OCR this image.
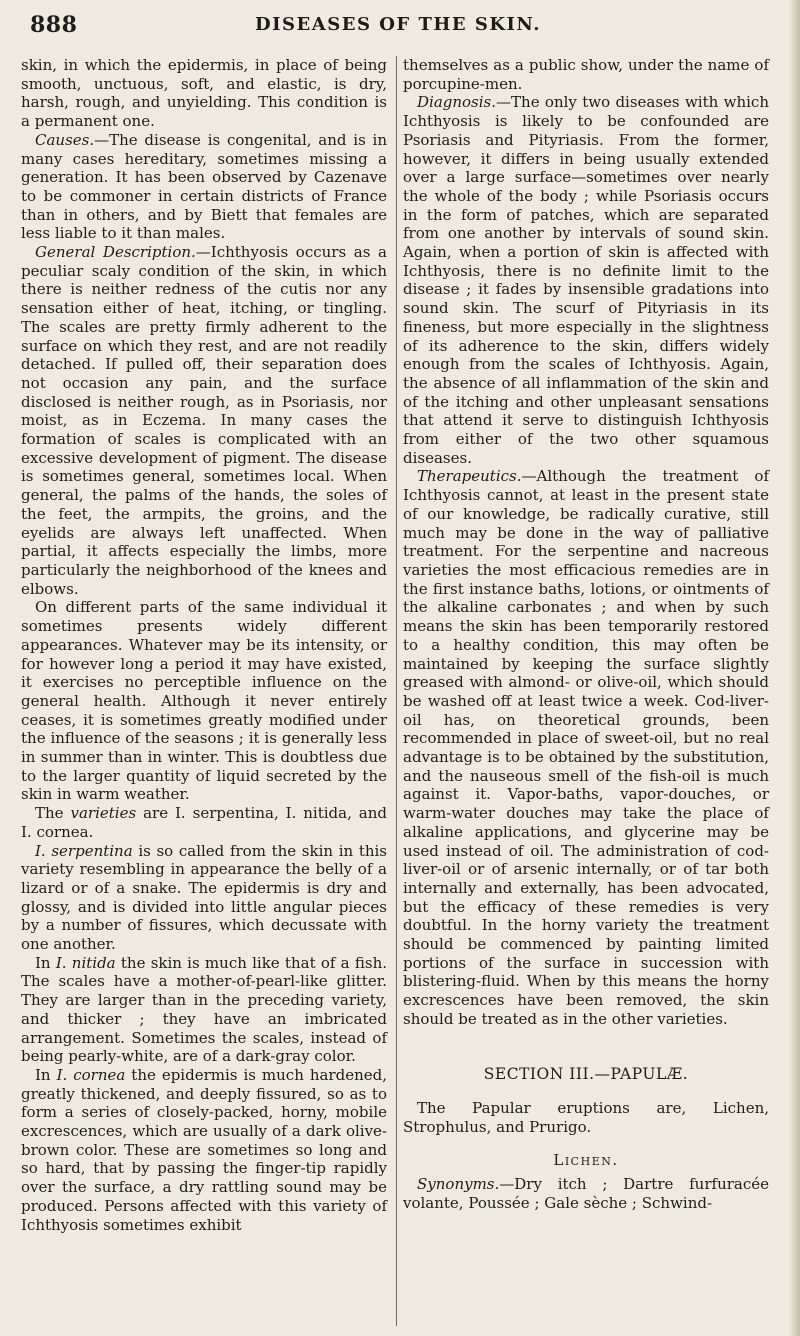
888	DISEASES OF THE SKIN.

skin, in which the epidermis, in place of being smooth, unctuous, soft, and elastic, is dry, harsh, rough, and unyielding. This condition is a permanent one.

Causes.—The disease is congenital, and is in many cases hereditary, sometimes missing a generation. It has been observed by Cazenave to be commoner in certain districts of France than in others, and by Biett that females are less liable to it than males.

General Description.—Ichthyosis occurs as a peculiar scaly condition of the skin, in which there is neither redness of the cutis nor any sensation either of heat, itching, or tingling. The scales are pretty firmly adherent to the surface on which they rest, and are not readily detached. If pulled off, their separation does not occasion any pain, and the surface disclosed is neither rough, as in Psoriasis, nor moist, as in Eczema. In many cases the formation of scales is complicated with an excessive development of pigment. The disease is sometimes general, sometimes local. When general, the palms of the hands, the soles of the feet, the armpits, the groins, and the eyelids are always left unaffected. When partial, it affects especially the limbs, more particularly the neighborhood of the knees and elbows.

On different parts of the same individual it sometimes presents widely different appearances. Whatever may be its intensity, or for however long a period it may have existed, it exercises no perceptible influence on the general health. Although it never entirely ceases, it is sometimes greatly modified under the influence of the seasons ; it is generally less in summer than in winter. This is doubtless due to the larger quantity of liquid secreted by the skin in warm weather.

The varieties are I. serpentina, I. nitida, and I. cornea.

I. serpentina is so called from the skin in this variety resembling in appearance the belly of a lizard or of a snake. The epidermis is dry and glossy, and is divided into little angular pieces by a number of fissures, which decussate with one another.

In I. nitida the skin is much like that of a fish. The scales have a mother-of-pearl-like glitter. They are larger than in the preceding variety, and thicker ; they have an imbricated arrangement. Sometimes the scales, instead of being pearly-white, are of a dark-gray color.

In I. cornea the epidermis is much hardened, greatly thickened, and deeply fissured, so as to form a series of closely-packed, horny, mobile excrescences, which are usually of a dark olive-brown color. These are sometimes so long and so hard, that by passing the finger-tip rapidly over the surface, a dry rattling sound may be produced. Persons affected with this variety of Ichthyosis sometimes exhibit

themselves as a public show, under the name of porcupine-men.

Diagnosis.—The only two diseases with which Ichthyosis is likely to be confounded are Psoriasis and Pityriasis. From the former, however, it differs in being usually extended over a large surface—sometimes over nearly the whole of the body ; while Psoriasis occurs in the form of patches, which are separated from one another by intervals of sound skin. Again, when a portion of skin is affected with Ichthyosis, there is no definite limit to the disease ; it fades by insensible gradations into sound skin. The scurf of Pityriasis in its fineness, but more especially in the slightness of its adherence to the skin, differs widely enough from the scales of Ichthyosis. Again, the absence of all inflammation of the skin and of the itching and other unpleasant sensations that attend it serve to distinguish Ichthyosis from either of the two other squamous diseases.

Therapeutics.—Although the treatment of Ichthyosis cannot, at least in the present state of our knowledge, be radically curative, still much may be done in the way of palliative treatment. For the serpentine and nacreous varieties the most efficacious remedies are in the first instance baths, lotions, or ointments of the alkaline carbonates ; and when by such means the skin has been temporarily restored to a healthy condition, this may often be maintained by keeping the surface slightly greased with almond- or olive-oil, which should be washed off at least twice a week. Cod-liver-oil has, on theoretical grounds, been recommended in place of sweet-oil, but no real advantage is to be obtained by the substitution, and the nauseous smell of the fish-oil is much against it. Vapor-baths, vapor-douches, or warm-water douches may take the place of alkaline applications, and glycerine may be used instead of oil. The administration of cod-liver-oil or of arsenic internally, or of tar both internally and externally, has been advocated, but the efficacy of these remedies is very doubtful. In the horny variety the treatment should be commenced by painting limited portions of the surface in succession with blistering-fluid. When by this means the horny excrescences have been removed, the skin should be treated as in the other varieties.

SECTION III.—PAPULÆ.

The Papular eruptions are, Lichen, Strophulus, and Prurigo.

Lichen.

Synonyms.—Dry itch ; Dartre furfuracée volante, Poussée ; Gale sèche ; Schwind-
